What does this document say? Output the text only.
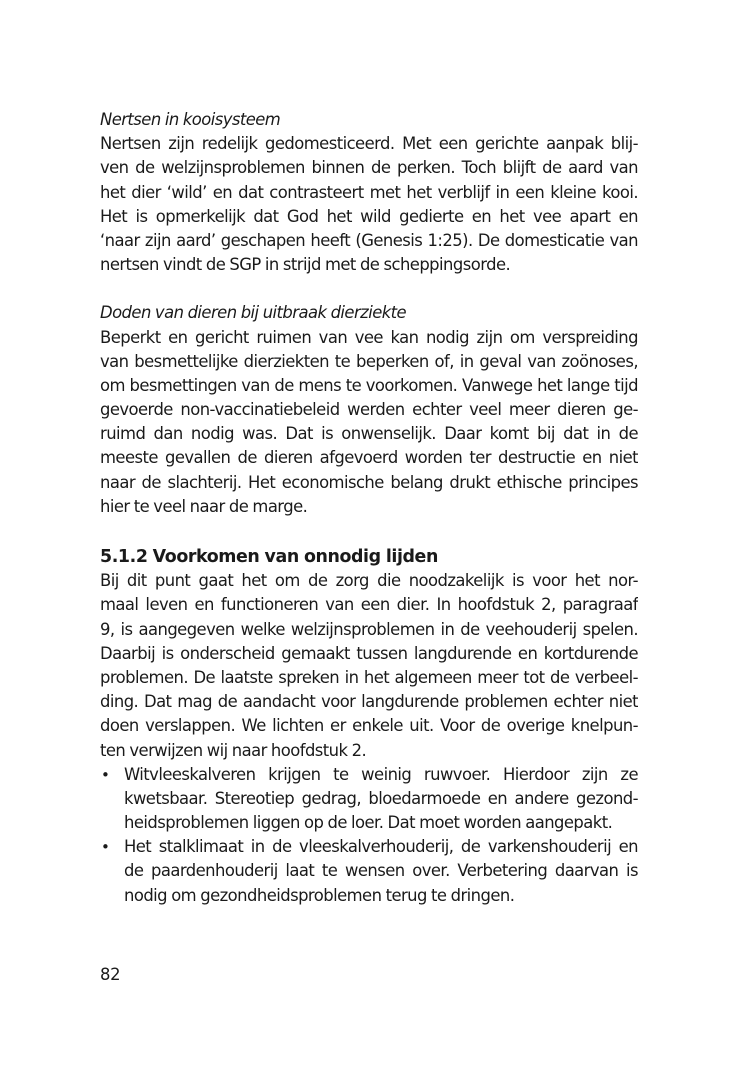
Nertsen in kooisysteem
Nertsen zijn redelijk gedomesticeerd. Met een gerichte aanpak blij-
ven de welzijnsproblemen binnen de perken. Toch blijft de aard van
het dier ‘wild’ en dat contrasteert met het verblijf in een kleine kooi.
Het is opmerkelijk dat God het wild gedierte en het vee apart en
‘naar zijn aard’ geschapen heeft (Genesis 1:25). De domesticatie van
nertsen vindt de SGP in strijd met de scheppingsorde.
Doden van dieren bij uitbraak dierziekte
Beperkt en gericht ruimen van vee kan nodig zijn om verspreiding
van besmettelijke dierziekten te beperken of, in geval van zoönoses,
om besmettingen van de mens te voorkomen. Vanwege het lange tijd
gevoerde non-vaccinatiebeleid werden echter veel meer dieren ge-
ruimd dan nodig was. Dat is onwenselijk. Daar komt bij dat in de
meeste gevallen de dieren afgevoerd worden ter destructie en niet
naar de slachterij. Het economische belang drukt ethische principes
hier te veel naar de marge.
5.1.2 Voorkomen van onnodig lijden
Bij dit punt gaat het om de zorg die noodzakelijk is voor het nor-
maal leven en functioneren van een dier. In hoofdstuk 2, paragraaf
9, is aangegeven welke welzijnsproblemen in de veehouderij spelen.
Daarbij is onderscheid gemaakt tussen langdurende en kortdurende
problemen. De laatste spreken in het algemeen meer tot de verbeel-
ding. Dat mag de aandacht voor langdurende problemen echter niet
doen verslappen. We lichten er enkele uit. Voor de overige knelpun-
ten verwijzen wij naar hoofdstuk 2.
• Witvleeskalveren krijgen te weinig ruwvoer. Hierdoor zijn ze
kwetsbaar. Stereotiep gedrag, bloedarmoede en andere gezond-
heidsproblemen liggen op de loer. Dat moet worden aangepakt.
• Het stalklimaat in de vleeskalverhouderij, de varkenshouderij en
de paardenhouderij laat te wensen over. Verbetering daarvan is
nodig om gezondheidsproblemen terug te dringen.
82
